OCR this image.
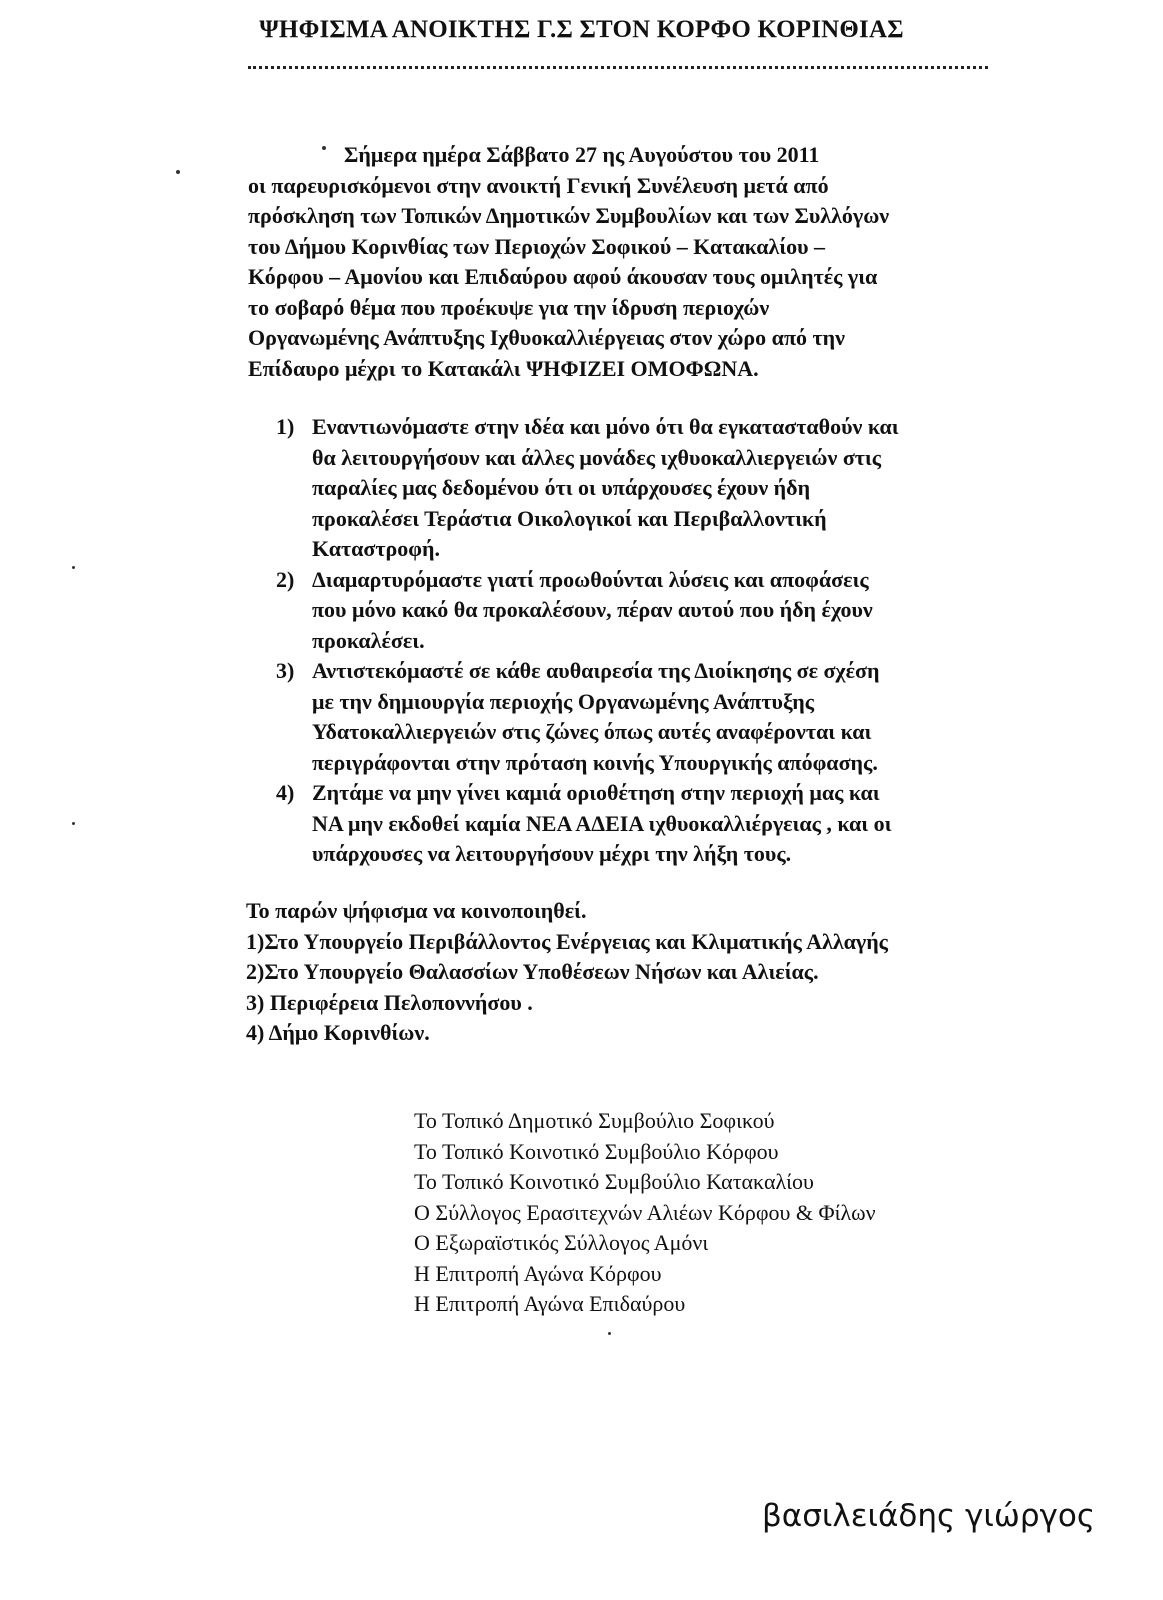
ΨΗΦΙΣΜΑ ΑΝΟΙΚΤΗΣ Γ.Σ ΣΤΟΝ ΚΟΡΦΟ ΚΟΡΙΝΘΙΑΣ
Σήμερα ημέρα Σάββατο 27 ης Αυγούστου του 2011
οι παρευρισκόμενοι στην ανοικτή Γενική Συνέλευση μετά από
πρόσκληση των Τοπικών Δημοτικών Συμβουλίων και των Συλλόγων
του Δήμου Κορινθίας των Περιοχών Σοφικού – Κατακαλίου –
Κόρφου – Αμονίου και Επιδαύρου αφού άκουσαν τους ομιλητές για
το σοβαρό θέμα που προέκυψε για την ίδρυση περιοχών
Οργανωμένης Ανάπτυξης Ιχθυοκαλλιέργειας στον χώρο από την
Επίδαυρο μέχρι το Κατακάλι ΨΗΦΙΖΕΙ ΟΜΟΦΩΝΑ.
1) Εναντιωνόμαστε στην ιδέα και μόνο ότι θα εγκατασταθούν και
θα λειτουργήσουν και άλλες μονάδες ιχθυοκαλλιεργειών στις
παραλίες μας δεδομένου ότι οι υπάρχουσες έχουν ήδη
προκαλέσει Τεράστια Οικολογικοί και Περιβαλλοντική
Καταστροφή.
2) Διαμαρτυρόμαστε γιατί προωθούνται λύσεις και αποφάσεις
που μόνο κακό θα προκαλέσουν, πέραν αυτού που ήδη έχουν
προκαλέσει.
3) Αντιστεκόμαστέ σε κάθε αυθαιρεσία της Διοίκησης σε σχέση
με την δημιουργία περιοχής Οργανωμένης Ανάπτυξης
Υδατοκαλλιεργειών στις ζώνες όπως αυτές αναφέρονται και
περιγράφονται στην πρόταση κοινής Υπουργικής απόφασης.
4) Ζητάμε να μην γίνει καμιά οριοθέτηση στην περιοχή μας και
ΝΑ μην εκδοθεί καμία ΝΕΑ ΑΔΕΙΑ ιχθυοκαλλιέργειας , και οι
υπάρχουσες να λειτουργήσουν μέχρι την λήξη τους.
Το παρών ψήφισμα να κοινοποιηθεί.
1)Στο Υπουργείο Περιβάλλοντος Ενέργειας και Κλιματικής Αλλαγής
2)Στο Υπουργείο Θαλασσίων Υποθέσεων Νήσων και Αλιείας.
3) Περιφέρεια Πελοποννήσου .
4) Δήμο Κορινθίων.
Το Τοπικό Δημοτικό Συμβούλιο Σοφικού
Το Τοπικό Κοινοτικό Συμβούλιο Κόρφου
Το Τοπικό Κοινοτικό Συμβούλιο Κατακαλίου
Ο Σύλλογος Ερασιτεχνών Αλιέων Κόρφου & Φίλων
Ο Εξωραϊστικός Σύλλογος Αμόνι
Η Επιτροπή Αγώνα Κόρφου
Η Επιτροπή Αγώνα Επιδαύρου
βασιλειάδης γιώργος
